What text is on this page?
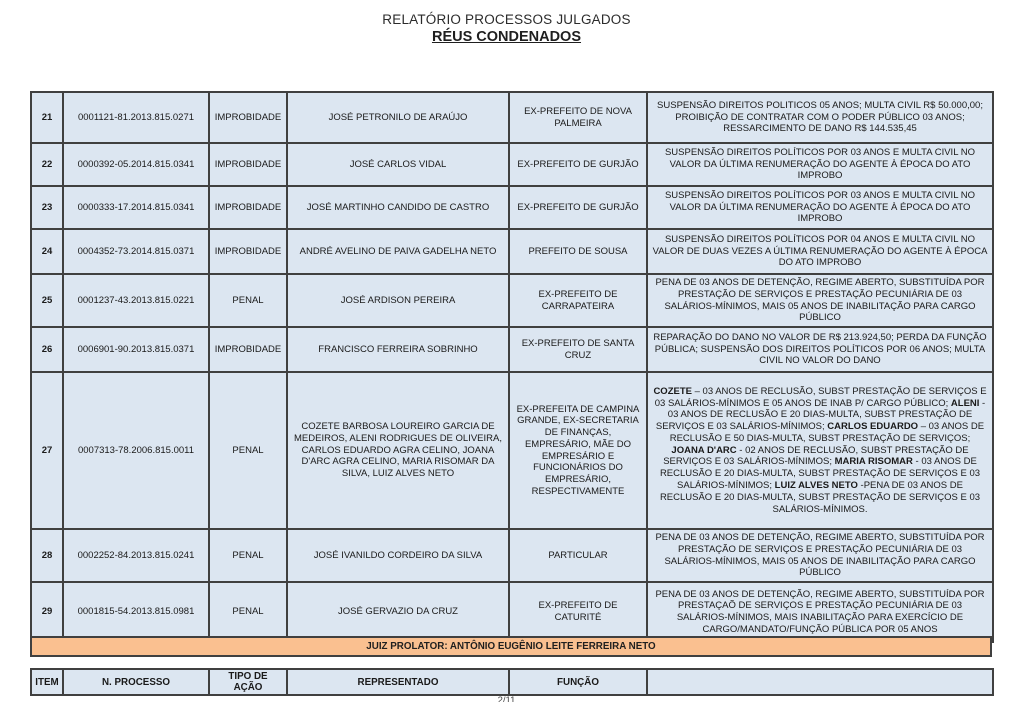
RELATÓRIO PROCESSOS JULGADOS
RÉUS CONDENADOS
21	0001121-81.2013.815.0271	IMPROBIDADE	JOSÉ PETRONILO DE ARAÚJO	EX-PREFEITO DE NOVA PALMEIRA	SUSPENSÃO DIREITOS POLITICOS 05 ANOS; MULTA CIVIL R$ 50.000,00; PROIBIÇÃO DE CONTRATAR COM O PODER PÚBLICO 03 ANOS; RESSARCIMENTO DE DANO R$ 144.535,45
22	0000392-05.2014.815.0341	IMPROBIDADE	JOSÉ CARLOS VIDAL	EX-PREFEITO DE GURJÃO	SUSPENSÃO DIREITOS POLÍTICOS POR 03 ANOS E MULTA CIVIL NO VALOR DA ÚLTIMA RENUMERAÇÃO DO AGENTE À ÉPOCA DO ATO IMPROBO
23	0000333-17.2014.815.0341	IMPROBIDADE	JOSÉ MARTINHO CANDIDO DE CASTRO	EX-PREFEITO DE GURJÃO	SUSPENSÃO DIREITOS POLÍTICOS POR 03 ANOS E MULTA CIVIL NO VALOR DA ÚLTIMA RENUMERAÇÃO DO AGENTE À ÉPOCA DO ATO IMPROBO
24	0004352-73.2014.815.0371	IMPROBIDADE	ANDRÉ AVELINO DE PAIVA GADELHA NETO	PREFEITO DE SOUSA	SUSPENSÃO DIREITOS POLÍTICOS POR 04 ANOS E MULTA CIVIL NO VALOR DE DUAS VEZES A ÚLTIMA RENUMERAÇÃO DO AGENTE À ÉPOCA DO ATO IMPROBO
25	0001237-43.2013.815.0221	PENAL	JOSÉ ARDISON PEREIRA	EX-PREFEITO DE CARRAPATEIRA	PENA DE 03 ANOS DE DETENÇÃO, REGIME ABERTO, SUBSTITUÍDA POR PRESTAÇÃO DE SERVIÇOS E PRESTAÇÃO PECUNIÁRIA DE 03 SALÁRIOS-MÍNIMOS, MAIS 05 ANOS DE INABILITAÇÃO PARA CARGO PÚBLICO
26	0006901-90.2013.815.0371	IMPROBIDADE	FRANCISCO FERREIRA SOBRINHO	EX-PREFEITO DE SANTA CRUZ	REPARAÇÃO DO DANO NO VALOR DE R$ 213.924,50; PERDA DA FUNÇÃO PÚBLICA; SUSPENSÃO DOS DIREITOS POLÍTICOS POR 06 ANOS; MULTA CIVIL NO VALOR DO DANO
27	0007313-78.2006.815.0011	PENAL	COZETE BARBOSA LOUREIRO GARCIA DE MEDEIROS, ALENI RODRIGUES DE OLIVEIRA, CARLOS EDUARDO AGRA CELINO, JOANA D'ARC AGRA CELINO, MARIA RISOMAR DA SILVA, LUIZ ALVES NETO	EX-PREFEITA DE CAMPINA GRANDE, EX-SECRETARIA DE FINANÇAS, EMPRESÁRIO, MÃE DO EMPRESÁRIO E FUNCIONÁRIOS DO EMPRESÁRIO, RESPECTIVAMENTE	COZETE – 03 ANOS DE RECLUSÃO, SUBST PRESTAÇÃO DE SERVIÇOS E 03 SALÁRIOS-MÍNIMOS E 05 ANOS DE INAB P/ CARGO PÚBLICO; ALENI - 03 ANOS DE RECLUSÃO E 20 DIAS-MULTA, SUBST PRESTAÇÃO DE SERVIÇOS E 03 SALÁRIOS-MÍNIMOS; CARLOS EDUARDO – 03 ANOS DE RECLUSÃO E 50 DIAS-MULTA, SUBST PRESTAÇÃO DE SERVIÇOS; JOANA D'ARC - 02 ANOS DE RECLUSÃO, SUBST PRESTAÇÃO DE SERVIÇOS E 03 SALÁRIOS-MÍNIMOS; MARIA RISOMAR - 03 ANOS DE RECLUSÃO E 20 DIAS-MULTA, SUBST PRESTAÇÃO DE SERVIÇOS E 03 SALÁRIOS-MÍNIMOS; LUIZ ALVES NETO -PENA DE 03 ANOS DE RECLUSÃO E 20 DIAS-MULTA, SUBST PRESTAÇÃO DE SERVIÇOS E 03 SALÁRIOS-MÍNIMOS.
28	0002252-84.2013.815.0241	PENAL	JOSÉ IVANILDO CORDEIRO DA SILVA	PARTICULAR	PENA DE 03 ANOS DE DETENÇÃO, REGIME ABERTO, SUBSTITUÍDA POR PRESTAÇÃO DE SERVIÇOS E PRESTAÇÃO PECUNIÁRIA DE 03 SALÁRIOS-MÍNIMOS, MAIS 05 ANOS DE INABILITAÇÃO PARA CARGO PÚBLICO
29	0001815-54.2013.815.0981	PENAL	JOSÉ GERVAZIO DA CRUZ	EX-PREFEITO DE CATURITÉ	PENA DE 03 ANOS DE DETENÇÃO, REGIME ABERTO, SUBSTITUÍDA POR PRESTAÇAÕ DE SERVIÇOS E PRESTAÇÃO PECUNIÁRIA DE 03 SALÁRIOS-MÍNIMOS, MAIS INABILITAÇÃO PARA EXERCÍCIO DE CARGO/MANDATO/FUNÇÃO PÚBLICA POR 05 ANOS
JUIZ PROLATOR: ANTÔNIO EUGÊNIO LEITE FERREIRA NETO
ITEM	N. PROCESSO	TIPO DE AÇÃO	REPRESENTADO	FUNÇÃO	
2/11
